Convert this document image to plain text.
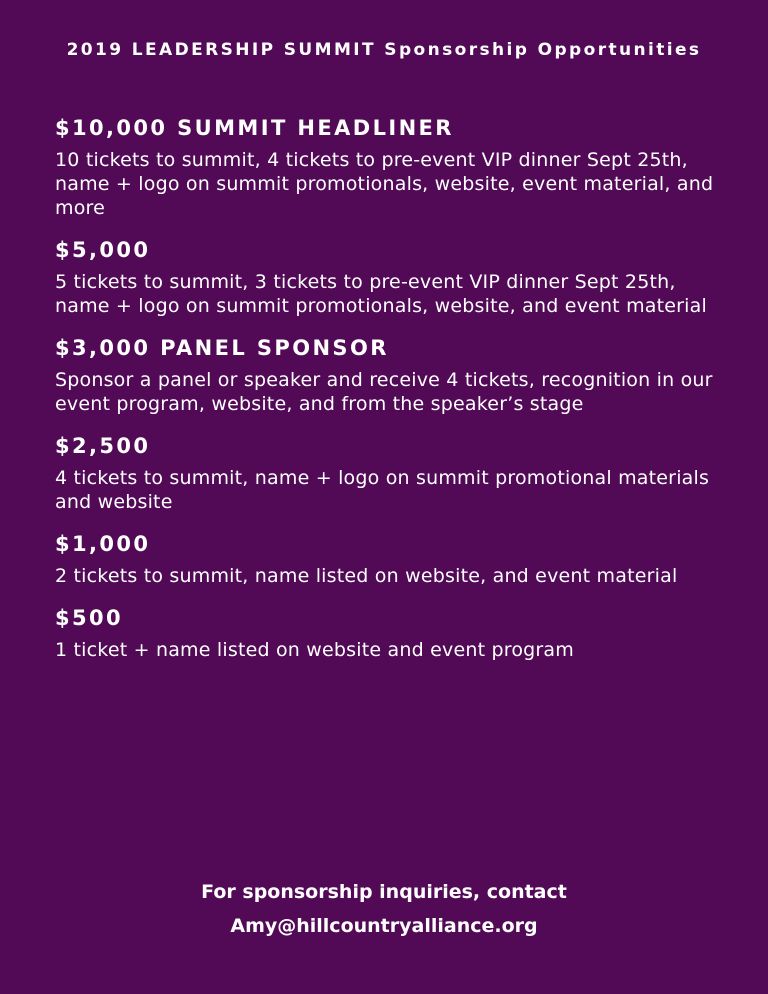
2019 LEADERSHIP SUMMIT Sponsorship Opportunities
$10,000 SUMMIT HEADLINER
10 tickets to summit, 4 tickets to pre-event VIP dinner Sept 25th, name + logo on summit promotionals, website, event material, and more
$5,000
5 tickets to summit, 3 tickets to pre-event VIP dinner Sept 25th, name + logo on summit promotionals, website, and event material
$3,000 PANEL SPONSOR
Sponsor a panel or speaker and receive 4 tickets, recognition in our event program, website, and from the speaker’s stage
$2,500
4 tickets to summit, name + logo on summit promotional materials and website
$1,000
2 tickets to summit, name listed on website, and event material
$500
1 ticket + name listed on website and event program
For sponsorship inquiries, contact
Amy@hillcountryalliance.org
